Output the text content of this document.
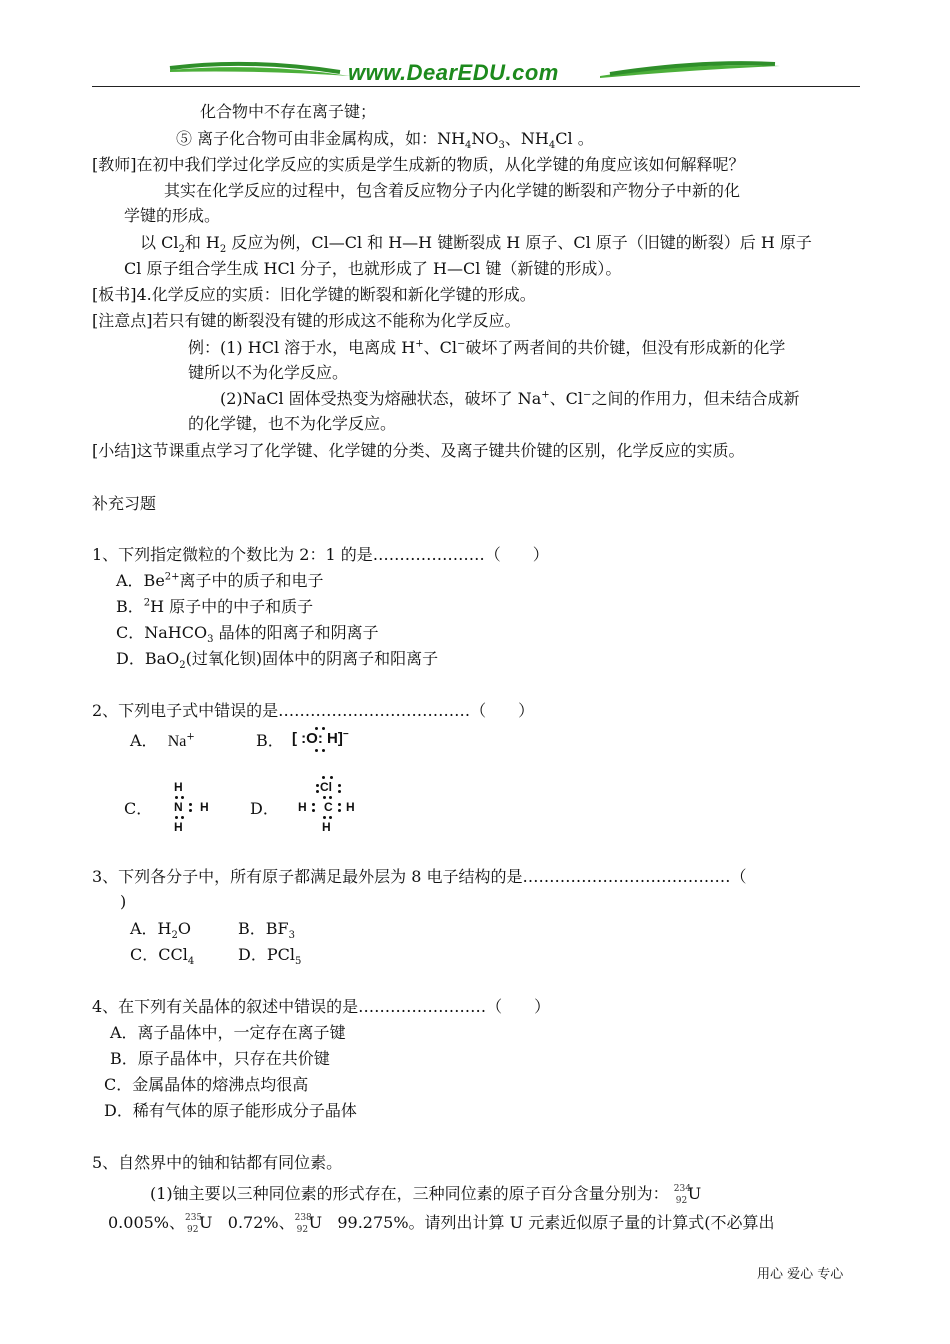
www.DearEDU.com
化合物中不存在离子键；
⑤ 离子化合物可由非金属构成，如：$NH_4NO_3$、$NH_4Cl$ 。
[教师]在初中我们学过化学反应的实质是学生成新的物质，从化学键的角度应该如何解释呢？
其实在化学反应的过程中，包含着反应物分子内化学键的断裂和产物分子中新的化
学键的形成。
以 $Cl_2$和 $H_2$ 反应为例，Cl—Cl 和 H—H 键断裂成 H 原子、Cl 原子（旧键的断裂）后 H 原子
Cl 原子组合学生成 HCl 分子，也就形成了 H—Cl 键（新键的形成）。
[板书]4.化学反应的实质：旧化学键的断裂和新化学键的形成。
[注意点]若只有键的断裂没有键的形成这不能称为化学反应。
例：(1) HCl 溶于水，电离成 H+、Cl−破坏了两者间的共价键，但没有形成新的化学
键所以不为化学反应。
(2)NaCl 固体受热变为熔融状态，破坏了 Na+、Cl−之间的作用力，但未结合成新
的化学键，也不为化学反应。
[小结]这节课重点学习了化学键、化学键的分类、及离子键共价键的区别，化学反应的实质。
补充习题
1、下列指定微粒的个数比为 2：1 的是…………………（　　）
A．$Be^{2+}$离子中的质子和电子
B．$^2$H 原子中的中子和质子
C．NaHCO$_3$ 晶体的阳离子和阴离子
D．BaO$_2$(过氧化钡)固体中的阴离子和阳离子
2、下列电子式中错误的是………………………………（　　）
A． Na+	B． [ :O: H]−
C．
H
N H
H
D．
Cl
H C H
H
3、下列各分子中，所有原子都满足最外层为 8 电子结构的是…………………………………（
)
A．$H_2O$	B．$BF_3$
C．CCl$_4$	D．PCl$_5$
4、在下列有关晶体的叙述中错误的是……………………（　　）
A．离子晶体中，一定存在离子键
B．原子晶体中，只存在共价键
C．金属晶体的熔沸点均很高
D．稀有气体的原子能形成分子晶体
5、自然界中的铀和钴都有同位素。
(1)铀主要以三种同位素的形式存在，三种同位素的原子百分含量分别为： 234
92 U
0.005%、 235
92 U 0.72%、 238
92 U 99.275%。请列出计算 U 元素近似原子量的计算式(不必算出
用心 爱心 专心
